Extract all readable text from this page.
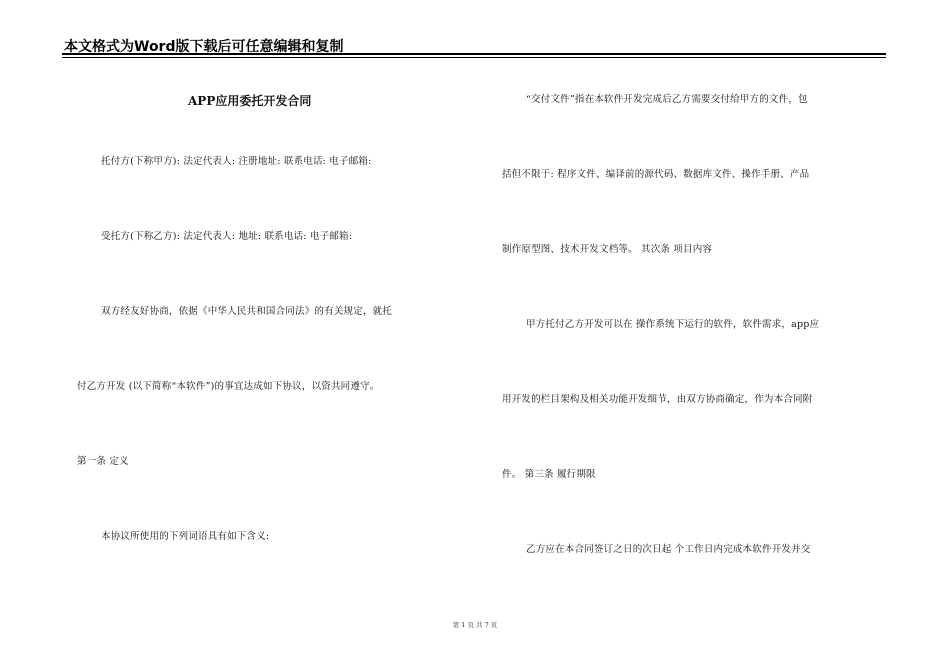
本文格式为Word版下载后可任意编辑和复制
APP应用委托开发合同
托付方(下称甲方): 法定代表人: 注册地址: 联系电话: 电子邮箱:
受托方(下称乙方): 法定代表人: 地址: 联系电话: 电子邮箱:
双方经友好协商，依据《中华人民共和国合同法》的有关规定，就托
付乙方开发 (以下简称“本软件”)的事宜达成如下协议，以资共同遵守。
第一条 定义
本协议所使用的下列词语具有如下含义:
“交付文件”指在本软件开发完成后乙方需要交付给甲方的文件，包
括但不限于: 程序文件、编译前的源代码、数据库文件、操作手册、产品
制作原型图、技术开发文档等。 其次条 项目内容
甲方托付乙方开发可以在 操作系统下运行的软件，软件需求，app应
用开发的栏目架构及相关功能开发细节，由双方协商确定，作为本合同附
件。 第三条 履行期限
乙方应在本合同签订之日的次日起 个工作日内完成本软件开发并交
第 1 页 共 7 页
